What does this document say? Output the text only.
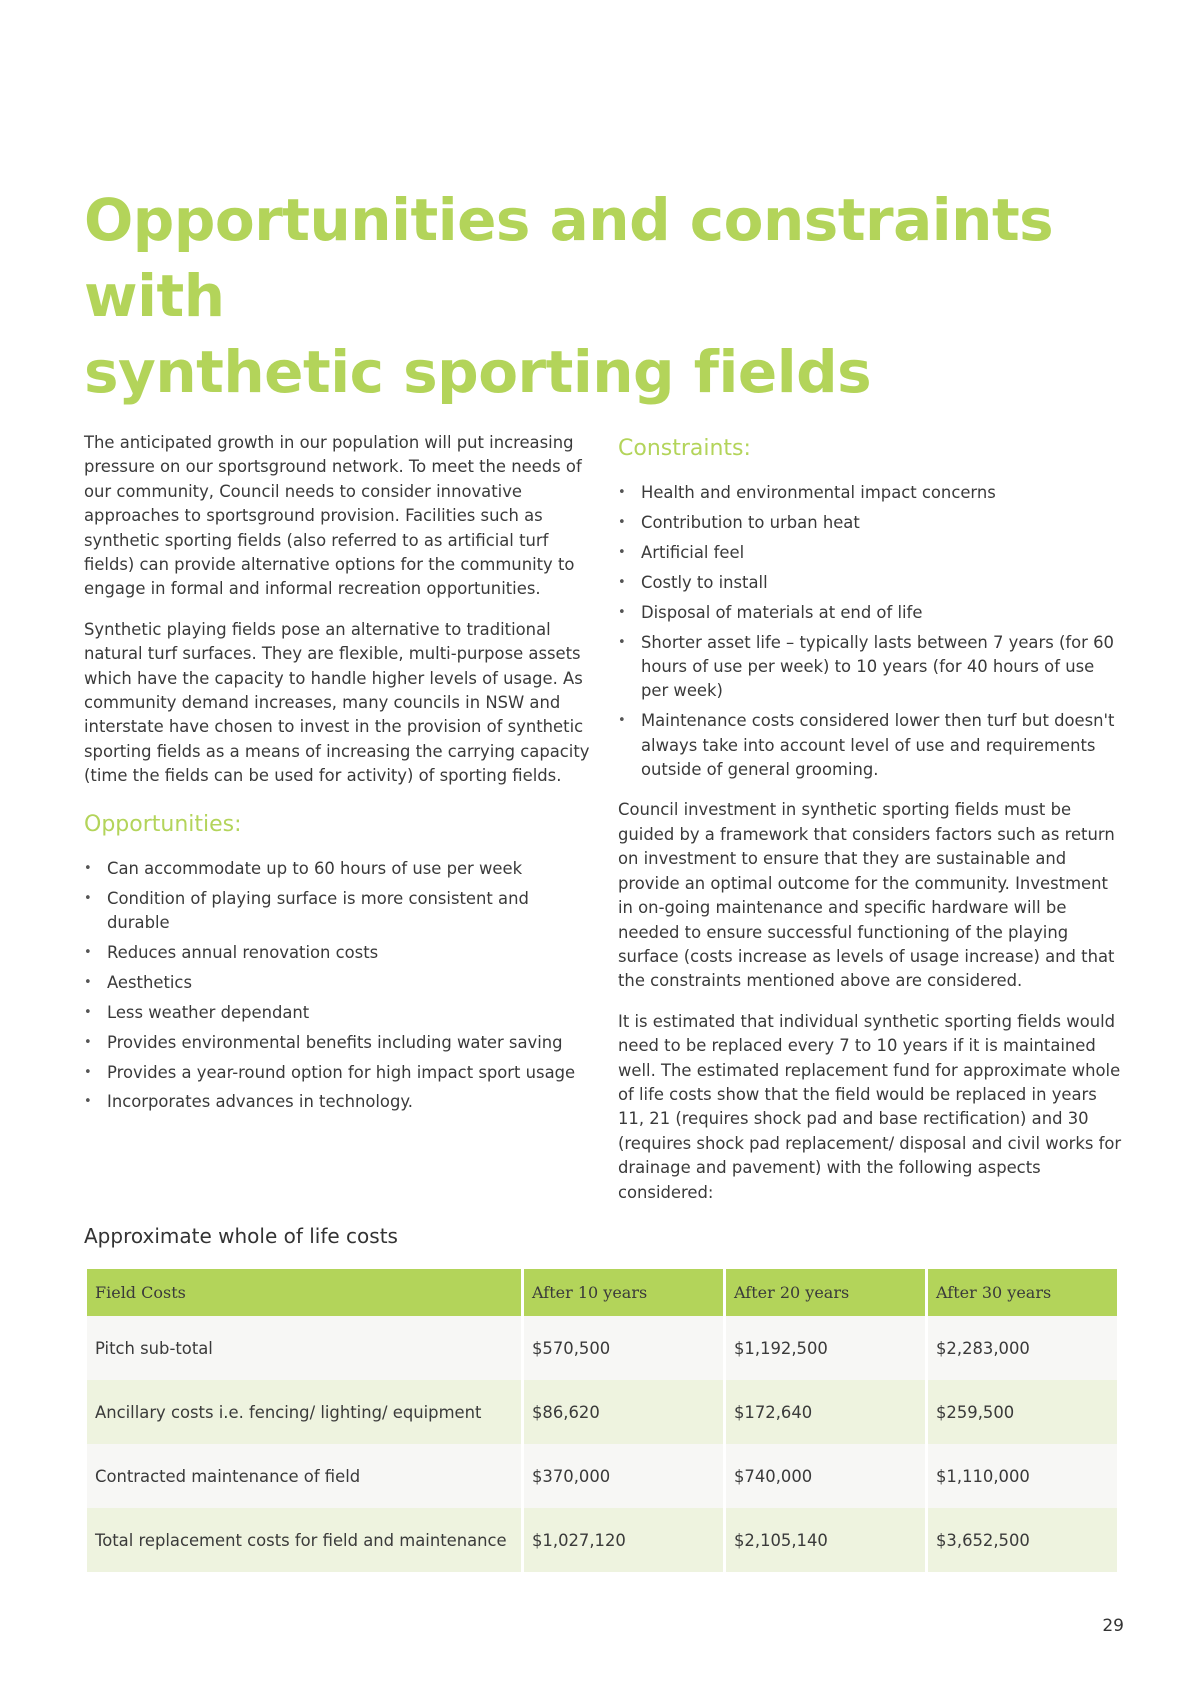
Opportunities and constraints with
synthetic sporting fields

The anticipated growth in our population will put increasing pressure on our sportsground network. To meet the needs of our community, Council needs to consider innovative approaches to sportsground provision. Facilities such as synthetic sporting fields (also referred to as artificial turf fields) can provide alternative options for the community to engage in formal and informal recreation opportunities.

Synthetic playing fields pose an alternative to traditional natural turf surfaces. They are flexible, multi-purpose assets which have the capacity to handle higher levels of usage. As community demand increases, many councils in NSW and interstate have chosen to invest in the provision of synthetic sporting fields as a means of increasing the carrying capacity (time the fields can be used for activity) of sporting fields.

Opportunities:
• Can accommodate up to 60 hours of use per week
• Condition of playing surface is more consistent and durable
• Reduces annual renovation costs
• Aesthetics
• Less weather dependant
• Provides environmental benefits including water saving
• Provides a year-round option for high impact sport usage
• Incorporates advances in technology.
Constraints:
• Health and environmental impact concerns
• Contribution to urban heat
• Artificial feel
• Costly to install
• Disposal of materials at end of life
• Shorter asset life – typically lasts between 7 years (for 60 hours of use per week) to 10 years (for 40 hours of use per week)
• Maintenance costs considered lower then turf but doesn't always take into account level of use and requirements outside of general grooming.

Council investment in synthetic sporting fields must be guided by a framework that considers factors such as return on investment to ensure that they are sustainable and provide an optimal outcome for the community. Investment in on-going maintenance and specific hardware will be needed to ensure successful functioning of the playing surface (costs increase as levels of usage increase) and that the constraints mentioned above are considered.

It is estimated that individual synthetic sporting fields would need to be replaced every 7 to 10 years if it is maintained well. The estimated replacement fund for approximate whole of life costs show that the field would be replaced in years 11, 21 (requires shock pad and base rectification) and 30 (requires shock pad replacement/ disposal and civil works for drainage and pavement) with the following aspects considered:

Approximate whole of life costs
Field Costs	After 10 years	After 20 years	After 30 years
Pitch sub-total	$570,500	$1,192,500	$2,283,000
Ancillary costs i.e. fencing/ lighting/ equipment	$86,620	$172,640	$259,500
Contracted maintenance of field	$370,000	$740,000	$1,110,000
Total replacement costs for field and maintenance	$1,027,120	$2,105,140	$3,652,500
29
